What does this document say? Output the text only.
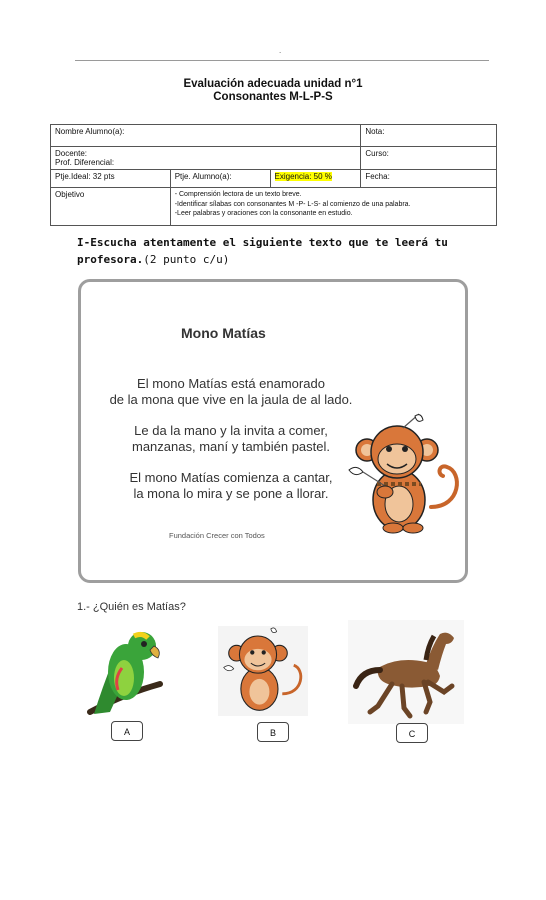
.
Evaluación adecuada unidad n°1
Consonantes M-L-P-S
Nombre Alumno(a):			Nota:

Docente:
Prof. Diferencial:			Curso:
Ptje.Ideal: 32 pts	Ptje. Alumno(a):	Exigencia: 50 %	Fecha:
Objetivo	- Comprensión lectora de un texto breve.
-Identificar sílabas con consonantes M -P- L-S- al comienzo de una palabra.
-Leer palabras y oraciones con la consonante en estudio.		
I-Escucha atentamente el siguiente texto que te leerá tu profesora.(2 punto c/u)
Mono Matías
El mono Matías está enamorado
de la mona que vive en la jaula de al lado.
Le da la mano y la invita a comer,
manzanas, maní y también pastel.
El mono Matías comienza a cantar,
la mona lo mira y se pone a llorar.
Fundación Crecer con Todos
1.- ¿Quién es Matías?
A	B	C
